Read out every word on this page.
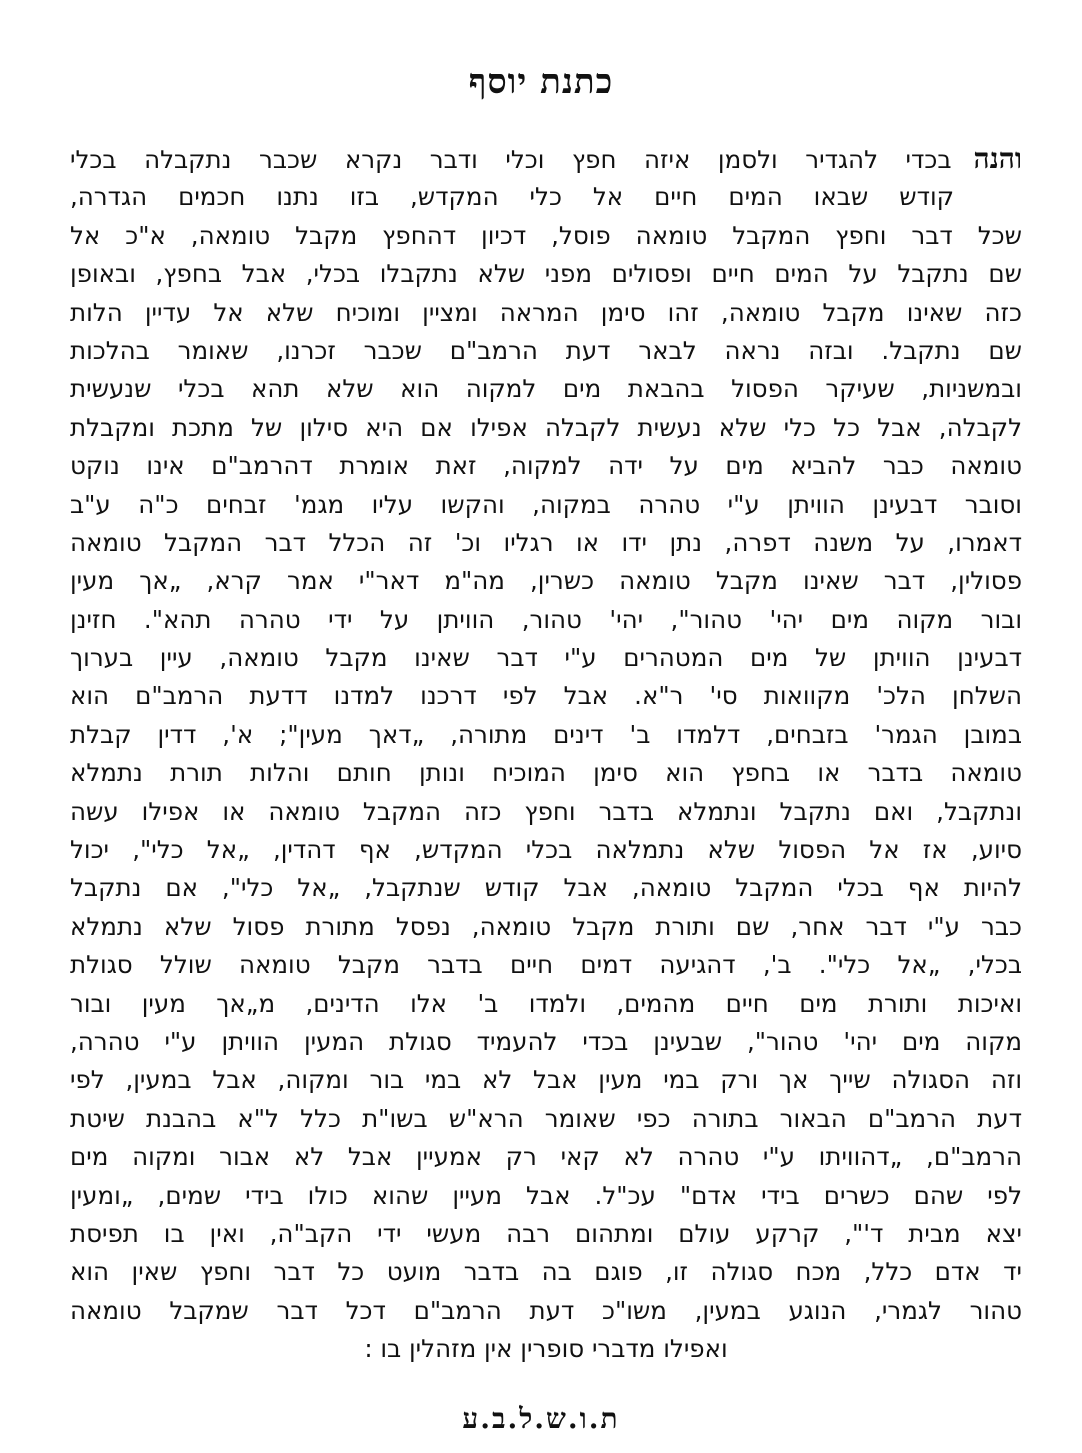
כתנת יוסף
והנהבכדי להגדיר ולסמן איזה חפץ וכלי ודבר נקרא שכבר נתקבלה בכלי
קודש שבאו המים חיים אל כלי המקדש, בזו נתנו חכמים הגדרה,
שכל דבר וחפץ המקבל טומאה פוסל, דכיון דהחפץ מקבל טומאה, א"כ אל
שם נתקבל על המים חיים ופסולים מפני שלא נתקבלו בכלי, אבל בחפץ, ובאופן
כזה שאינו מקבל טומאה, זהו סימן המראה ומציין ומוכיח שלא אל עדיין הלות
שם נתקבל. ובזה נראה לבאר דעת הרמב"ם שכבר זכרנו, שאומר בהלכות
ובמשניות, שעיקר הפסול בהבאת מים למקוה הוא שלא תהא בכלי שנעשית
לקבלה, אבל כל כלי שלא נעשית לקבלה אפילו אם היא סילון של מתכת ומקבלת
טומאה כבר להביא מים על ידה למקוה, זאת אומרת דהרמב"ם אינו נוקט
וסובר דבעינן הוויתן ע"י טהרה במקוה, והקשו עליו מגמ' זבחים כ"ה ע"ב
דאמרו, על משנה דפרה, נתן ידו או רגליו וכ' זה הכלל דבר המקבל טומאה
פסולין, דבר שאינו מקבל טומאה כשרין, מה"מ דאר"י אמר קרא, „אך מעין
ובור מקוה מים יהי' טהור", יהי' טהור, הוויתן על ידי טהרה תהא". חזינן
דבעינן הוויתן של מים המטהרים ע"י דבר שאינו מקבל טומאה, עיין בערוך
השלחן הלכ' מקוואות סי' ר"א. אבל לפי דרכנו למדנו דדעת הרמב"ם הוא
במובן הגמר' בזבחים, דלמדו ב' דינים מתורה, „דאך מעין"; א', דדין קבלת
טומאה בדבר או בחפץ הוא סימן המוכיח ונותן חותם והלות תורת נתמלא
ונתקבל, ואם נתקבל ונתמלא בדבר וחפץ כזה המקבל טומאה או אפילו עשה
סיוע, אז אל הפסול שלא נתמלאה בכלי המקדש, אף דהדין, „אל כלי", יכול
להיות אף בכלי המקבל טומאה, אבל קודש שנתקבל, „אל כלי", אם נתקבל
כבר ע"י דבר אחר, שם ותורת מקבל טומאה, נפסל מתורת פסול שלא נתמלא
בכלי, „אל כלי". ב', דהגיעה דמים חיים בדבר מקבל טומאה שולל סגולת
ואיכות ותורת מים חיים מהמים, ולמדו ב' אלו הדינים, מ„אך מעין ובור
מקוה מים יהי' טהור", שבעינן בכדי להעמיד סגולת המעין הוויתן ע"י טהרה,
וזה הסגולה שייך אך ורק במי מעין אבל לא במי בור ומקוה, אבל במעין, לפי
דעת הרמב"ם הבאור בתורה כפי שאומר הרא"ש בשו"ת כלל ל"א בהבנת שיטת
הרמב"ם, „דהוויתו ע"י טהרה לא קאי רק אמעיין אבל לא אבור ומקוה מים
לפי שהם כשרים בידי אדם" עכ"ל. אבל מעיין שהוא כולו בידי שמים, „ומעין
יצא מבית ד'", קרקע עולם ומתהום רבה מעשי ידי הקב"ה, ואין בו תפיסת
יד אדם כלל, מכח סגולה זו, פוגם בה בדבר מועט כל דבר וחפץ שאין הוא
טהור לגמרי, הנוגע במעין, משו"כ דעת הרמב"ם דכל דבר שמקבל טומאה
ואפילו מדברי סופרין אין מזהלין בו :
ת.ו.ש.ל.ב.ע
